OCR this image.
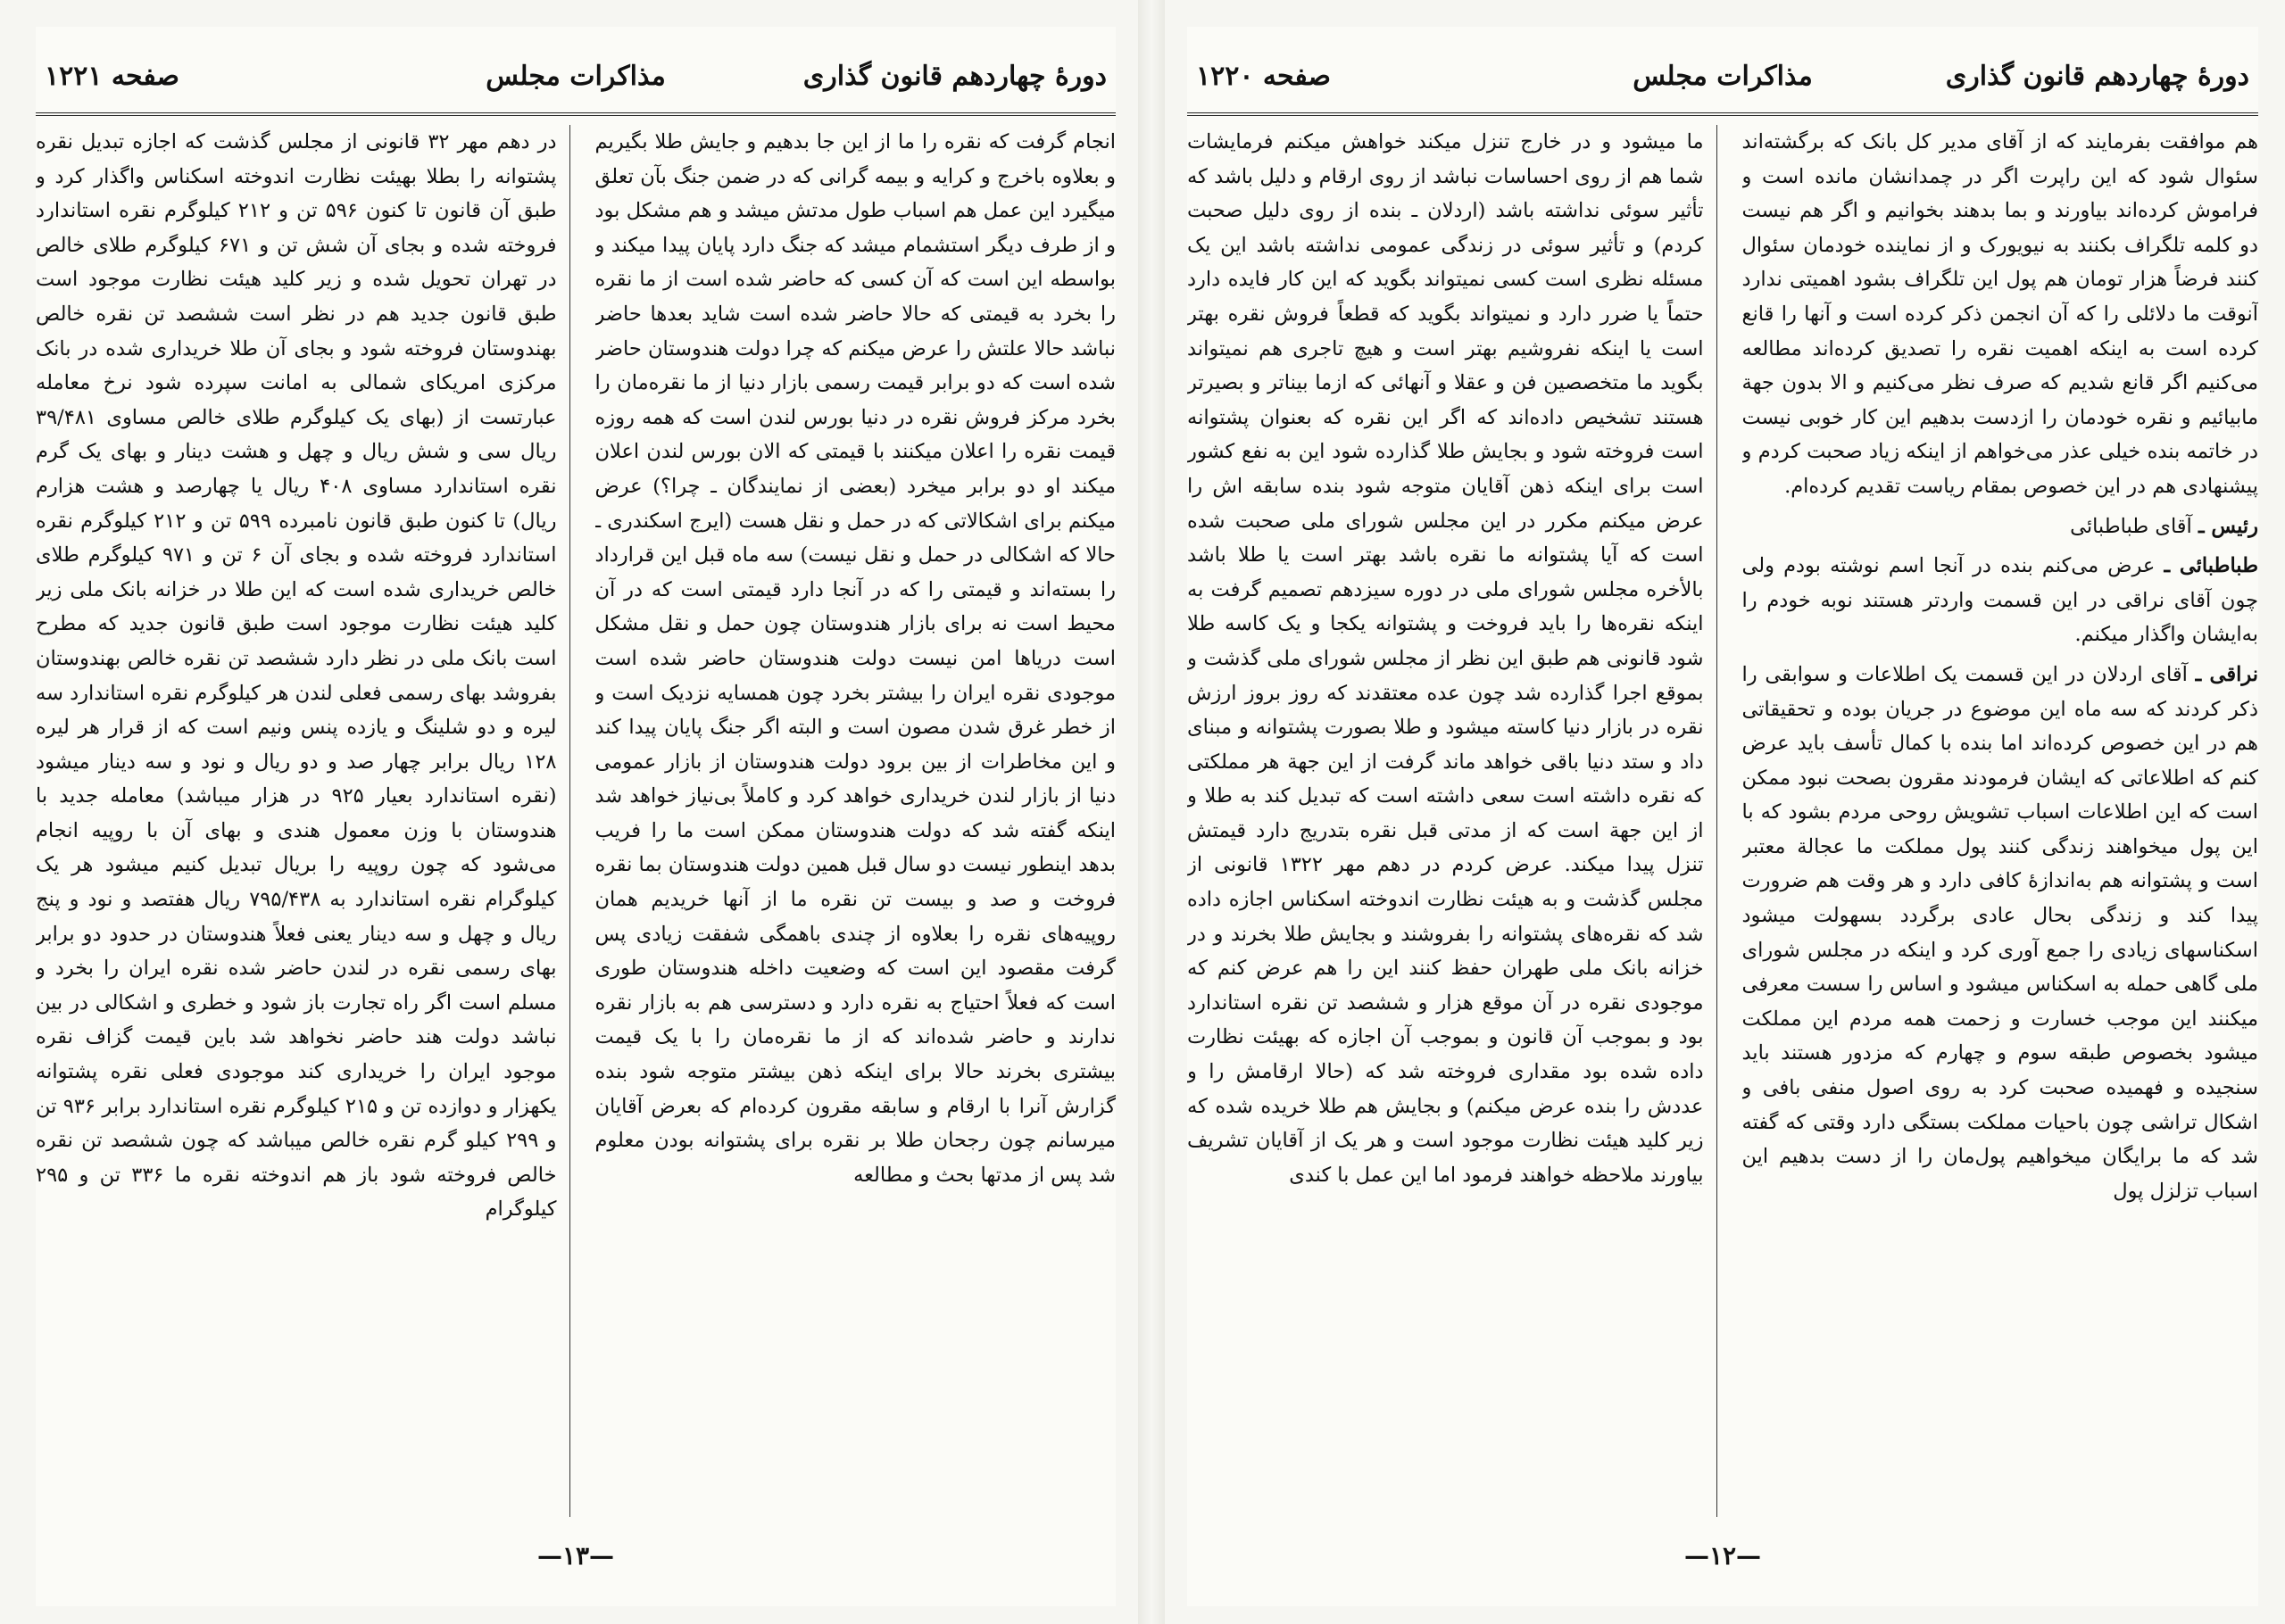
دورهٔ چهاردهم قانون گذاری
مذاکرات مجلس
صفحه ۱۲۲۰

هم موافقت بفرمایند که از آقای مدیر کل بانک که برگشته‌اند سئوال شود که این راپرت اگر در چمدانشان مانده است و فراموش کرده‌اند بیاورند و بما بدهند بخوانیم و اگر هم نیست دو کلمه تلگراف بکنند به نیویورک و از نماینده خودمان سئوال کنند فرضاً هزار تومان هم پول این تلگراف بشود اهمیتی ندارد آنوقت ما دلائلی را که آن انجمن ذکر کرده است و آنها را قانع کرده است به اینکه اهمیت نقره را تصدیق کرده‌اند مطالعه می‌کنیم اگر قانع شدیم که صرف نظر می‌کنیم و الا بدون جهة مابیائیم و نقره خودمان را ازدست بدهیم این کار خوبی نیست در خاتمه بنده خیلی عذر می‌خواهم از اینکه زیاد صحبت کردم و پیشنهادی هم در این خصوص بمقام ریاست تقدیم کرده‌ام.

رئیس ـ آقای طباطبائی

طباطبائی ـ عرض می‌کنم بنده در آنجا اسم نوشته بودم ولی چون آقای نراقی در این قسمت واردتر هستند نوبه خودم را به‌ایشان واگذار میکنم.

نراقی ـ آقای اردلان در این قسمت یک اطلاعات و سوابقی را ذکر کردند که سه ماه این موضوع در جریان بوده و تحقیقاتی هم در این خصوص کرده‌اند اما بنده با کمال تأسف باید عرض کنم که اطلاعاتی که ایشان فرمودند مقرون بصحت نبود ممکن است که این اطلاعات اسباب تشویش روحی مردم بشود که با این پول میخواهند زندگی کنند پول مملکت ما عجالة معتبر است و پشتوانه هم به‌اندازهٔ کافی دارد و هر وقت هم ضرورت پیدا کند و زندگی بحال عادی برگردد بسهولت میشود اسکناسهای زیادی را جمع آوری کرد و اینکه در مجلس شورای ملی گاهی حمله به اسکناس میشود و اساس را سست معرفی میکنند این موجب خسارت و زحمت همه مردم این مملکت میشود بخصوص طبقه سوم و چهارم که مزدور هستند باید سنجیده و فهمیده صحبت کرد به روی اصول منفی بافی و اشکال تراشی چون باحیات مملکت بستگی دارد وقتی که گفته شد که ما برایگان میخواهیم پول‌مان را از دست بدهیم این اسباب تزلزل پول

ما میشود و در خارج تنزل میکند خواهش میکنم فرمایشات شما هم از روی احساسات نباشد از روی ارقام و دلیل باشد که تأثیر سوئی نداشته باشد (اردلان ـ بنده از روی دلیل صحبت کردم) و تأثیر سوئی در زندگی عمومی نداشته باشد این یک مسئله نظری است کسی نمیتواند بگوید که این کار فایده دارد حتماً یا ضرر دارد و نمیتواند بگوید که قطعاً فروش نقره بهتر است یا اینکه نفروشیم بهتر است و هیچ تاجری هم نمیتواند بگوید ما متخصصین فن و عقلا و آنهائی که ازما بیناتر و بصیرتر هستند تشخیص داده‌اند که اگر این نقره که بعنوان پشتوانه است فروخته شود و بجایش طلا گذارده شود این به نفع کشور است برای اینکه ذهن آقایان متوجه شود بنده سابقه اش را عرض میکنم مکرر در این مجلس شورای ملی صحبت شده است که آیا پشتوانه ما نقره باشد بهتر است یا طلا باشد بالأخره مجلس شورای ملی در دوره سیزدهم تصمیم گرفت به اینکه نقره‌ها را باید فروخت و پشتوانه یکجا و یک کاسه طلا شود قانونی هم طبق این نظر از مجلس شورای ملی گذشت و بموقع اجرا گذارده شد چون عده معتقدند که روز بروز ارزش نقره در بازار دنیا کاسته میشود و طلا بصورت پشتوانه و مبنای داد و ستد دنیا باقی خواهد ماند گرفت از این جهة هر مملکتی که نقره داشته است سعی داشته است که تبدیل کند به طلا و از این جهة است که از مدتی قبل نقره بتدریج دارد قیمتش تنزل پیدا میکند. عرض کردم در دهم مهر ۱۳۲۲ قانونی از مجلس گذشت و به هیئت نظارت اندوخته اسکناس اجازه داده شد که نقره‌های پشتوانه را بفروشند و بجایش طلا بخرند و در خزانه بانک ملی طهران حفظ کنند این را هم عرض کنم که موجودی نقره در آن موقع هزار و ششصد تن نقره استاندارد بود و بموجب آن قانون و بموجب آن اجازه که بهیئت نظارت داده شده بود مقداری فروخته شد که (حالا ارقامش را و عددش را بنده عرض میکنم) و بجایش هم طلا خریده شده که زیر کلید هیئت نظارت موجود است و هر یک از آقایان تشریف بیاورند ملاحظه خواهند فرمود اما این عمل با کندی

—۱۲—
دورهٔ چهاردهم قانون گذاری
مذاکرات مجلس
صفحه ۱۲۲۱

انجام گرفت که نقره را ما از این جا بدهیم و جایش طلا بگیریم و بعلاوه باخرج و کرایه و بیمه گرانی که در ضمن جنگ بآن تعلق میگیرد این عمل هم اسباب طول مدتش میشد و هم مشکل بود و از طرف دیگر استشمام میشد که جنگ دارد پایان پیدا میکند و بواسطه این است که آن کسی که حاضر شده است از ما نقره را بخرد به قیمتی که حالا حاضر شده است شاید بعدها حاضر نباشد حالا علتش را عرض میکنم که چرا دولت هندوستان حاضر شده است که دو برابر قیمت رسمی بازار دنیا از ما نقره‌مان را بخرد مرکز فروش نقره در دنیا بورس لندن است که همه روزه قیمت نقره را اعلان میکنند با قیمتی که الان بورس لندن اعلان میکند او دو برابر میخرد (بعضی از نمایندگان ـ چرا؟) عرض میکنم برای اشکالاتی که در حمل و نقل هست (ایرج اسکندری ـ حالا که اشکالی در حمل و نقل نیست) سه ماه قبل این قرارداد را بسته‌اند و قیمتی را که در آنجا دارد قیمتی است که در آن محیط است نه برای بازار هندوستان چون حمل و نقل مشکل است دریاها امن نیست دولت هندوستان حاضر شده است موجودی نقره ایران را بیشتر بخرد چون همسایه نزدیک است و از خطر غرق شدن مصون است و البته اگر جنگ پایان پیدا کند و این مخاطرات از بین برود دولت هندوستان از بازار عمومی دنیا از بازار لندن خریداری خواهد کرد و کاملاً بی‌نیاز خواهد شد اینکه گفته شد که دولت هندوستان ممکن است ما را فریب بدهد اینطور نیست دو سال قبل همین دولت هندوستان بما نقره فروخت و صد و بیست تن نقره ما از آنها خریدیم همان روپیه‌های نقره را بعلاوه از چندی باهمگی شفقت زیادی پس گرفت مقصود این است که وضعیت داخله هندوستان طوری است که فعلاً احتیاج به نقره دارد و دسترسی هم به بازار نقره ندارند و حاضر شده‌اند که از ما نقره‌مان را با یک قیمت بیشتری بخرند حالا برای اینکه ذهن بیشتر متوجه شود بنده گزارش آنرا با ارقام و سابقه مقرون کرده‌ام که بعرض آقایان میرسانم چون رجحان طلا بر نقره برای پشتوانه بودن معلوم شد پس از مدتها بحث و مطالعه

در دهم مهر ۳۲ قانونی از مجلس گذشت که اجازه تبدیل نقره پشتوانه را بطلا بهیئت نظارت اندوخته اسکناس واگذار کرد و طبق آن قانون تا کنون ۵۹۶ تن و ۲۱۲ کیلوگرم نقره استاندارد فروخته شده و بجای آن شش تن و ۶۷۱ کیلوگرم طلای خالص در تهران تحویل شده و زیر کلید هیئت نظارت موجود است طبق قانون جدید هم در نظر است ششصد تن نقره خالص بهندوستان فروخته شود و بجای آن طلا خریداری شده در بانک مرکزی امریکای شمالی به امانت سپرده شود نرخ معامله عبارتست از (بهای یک کیلوگرم طلای خالص مساوی ۳۹/۴۸۱ ریال سی و شش ریال و چهل و هشت دینار و بهای یک گرم نقره استاندارد مساوی ۴۰۸ ریال یا چهارصد و هشت هزارم ریال) تا کنون طبق قانون نامبرده ۵۹۹ تن و ۲۱۲ کیلوگرم نقره استاندارد فروخته شده و بجای آن ۶ تن و ۹۷۱ کیلوگرم طلای خالص خریداری شده است که این طلا در خزانه بانک ملی زیر کلید هیئت نظارت موجود است طبق قانون جدید که مطرح است بانک ملی در نظر دارد ششصد تن نقره خالص بهندوستان بفروشد بهای رسمی فعلی لندن هر کیلوگرم نقره استاندارد سه لیره و دو شلینگ و یازده پنس ونیم است که از قرار هر لیره ۱۲۸ ریال برابر چهار صد و دو ریال و نود و سه دینار میشود (نقره استاندارد بعیار ۹۲۵ در هزار میباشد) معامله جدید با هندوستان با وزن معمول هندی و بهای آن با روپیه انجام می‌شود که چون روپیه را بریال تبدیل کنیم میشود هر یک کیلوگرام نقره استاندارد به ۷۹۵/۴۳۸ ریال هفتصد و نود و پنج ریال و چهل و سه دینار یعنی فعلاً هندوستان در حدود دو برابر بهای رسمی نقره در لندن حاضر شده نقره ایران را بخرد و مسلم است اگر راه تجارت باز شود و خطری و اشکالی در بین نباشد دولت هند حاضر نخواهد شد باین قیمت گزاف نقره موجود ایران را خریداری کند موجودی فعلی نقره پشتوانه یکهزار و دوازده تن و ۲۱۵ کیلوگرم نقره استاندارد برابر ۹۳۶ تن و ۲۹۹ کیلو گرم نقره خالص میباشد که چون ششصد تن نقره خالص فروخته شود باز هم اندوخته نقره ما ۳۳۶ تن و ۲۹۵ کیلوگرام

—۱۳—
